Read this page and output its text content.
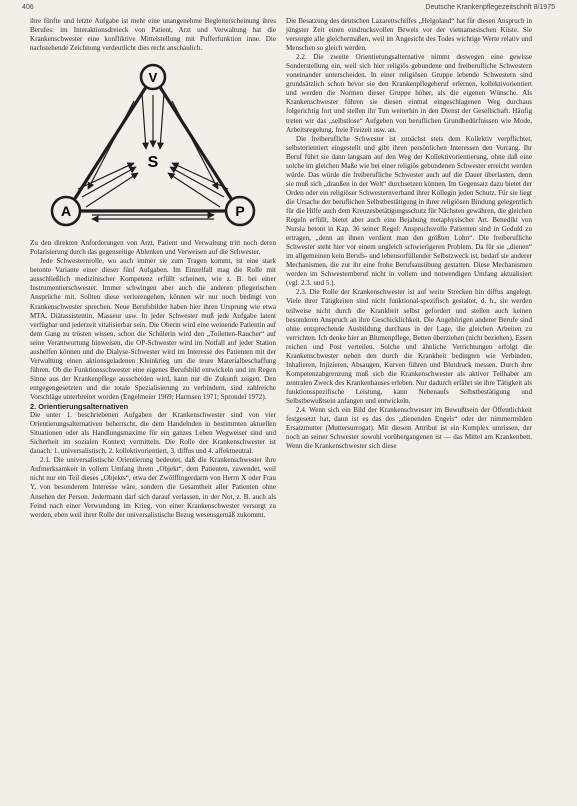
406	Deutsche Krankenpflegezeitschrift 8/1975

ihre fünfte und letzte Aufgabe ist mehr eine unangenehme Begleiterscheinung ihres Berufes: im Interaktionsdreieck von Patient, Arzt und Verwaltung hat die Krankenschwester eine konfliktive Mittelstellung mit Pufferfunktion inne. Die nachstehende Zeichnung verdeutlicht dies recht anschaulich.

V
A	P
S

Zu den direkten Anforderungen von Arzt, Patient und Verwaltung tritt noch deren Polarisierung durch das gegenseitige Ablenken und Verweisen auf die Schwester.

Jede Schwesternrolle, wo auch immer sie zum Tragen kommt, ist eine stark betonte Variante einer dieser fünf Aufgaben. Im Einzelfall mag die Rolle mit ausschließlich medizinischer Kompetenz erfüllt scheinen, wie z. B. bei einer Instrumentierschwester. Immer schwingen aber auch die anderen pflegerischen Ansprüche mit. Sollten diese verlorengehen, können wir nur noch bedingt von Krankenschwester sprechen. Neue Berufsbilder haben hier ihren Ursprung wie etwa MTA, Diätassistentin, Masseur usw. In jeder Schwester muß jede Aufgabe latent verfügbar und jederzeit vitalisierbar sein. Die Oberin wird eine weinende Patientin auf dem Gang zu trösten wissen, schon die Schülerin wird den „Toiletten-Raucher“ auf seine Verantwortung hinweisen, die OP-Schwester wird im Notfall auf jeder Station aushelfen können und die Dialyse-Schwester wird im Interesse des Patienten mit der Verwaltung einen aktionsgeladenen Kleinkrieg um die teure Materialbeschaffung führen. Ob die Funktionsschwester eine eigenes Berufsbild entwickeln und im Regen Sinne aus der Krankenpflege ausscheiden wird, kann nur die Zukunft zeigen. Den entgegengesetzten und die totale Spezialisierung zu verhindern, sind zahlreiche Vorschläge unterbreitet worden (Engelmeier 1969; Harmsen 1971; Sprondel 1972).

2. Orientierungsalternativen

Die unter 1. beschriebenen Aufgaben der Krankenschwester sind von vier Orientierungsalternativen beherrscht, die dem Handelnden in bestimmten aktuellen Situationen oder als Handlungsmaxime für ein ganzes Leben Wegweiser sind und Sicherheit im sozialen Kontext vermitteln. Die Rolle der Krankenschwester ist danach: 1. universalistisch, 2. kollektivorientiert, 3. diffus und 4. affektneutral.

2.1. Die universalistische Orientierung bedeutet, daß die Krankenschwester ihre Aufmerksamkeit in vollem Umfang ihrem „Objekt“, dem Patienten, zuwendet, weil nicht nur ein Teil dieses „Objekts“, etwa der Zwölffingerdarm von Herrn X oder Frau Y, von besonderem Interesse wäre, sondern die Gesamtheit aller Patienten ohne Ansehen der Person. Jedermann darf sich darauf verlassen, in der Not, z. B. auch als Feind nach einer Verwundung im Krieg, von einer Krankenschwester versorgt zu werden, eben weil ihrer Rolle der universalistische Bezug wesensgemäß zukommt.

Die Besatzung des deutschen Lazarettschiffes „Helgoland“ hat für diesen Anspruch in jüngster Zeit einen eindrucksvollen Beweis vor der vietnamesischen Küste. Sie versorgte alle gleichermaßen, weil im Angesicht des Todes wichtige Werte relativ und Menschen so gleich werden.

2.2. Die zweite Orientierungsalternative nimmt deswegen eine gewisse Sonderstellung ein, weil sich hier religiös gebundene und freiberufliche Schwestern voneinander unterscheiden. In einer religiösen Gruppe lebende Schwestern sind grundsätzlich schon bevor sie den Krankenpflegeberuf erlernen, kollektivorientiert und werden die Normen dieser Gruppe höher, als die eigenen Wünsche. Als Krankenschwester führen sie diesen einmal eingeschlagenen Weg durchaus folgerichtig fort und stellen ihr Tun weiterhin in den Dienst der Gesellschaft. Häufig treten wir das „selbstlose“ Aufgeben von beruflichen Grundbedürfnissen wie Mode, Arbeitsregelung, freie Freizeit usw. an.

Die freiberufliche Schwester ist zunächst stets dem Kollektiv verpflichtet, selbstorientiert eingestellt und gibt ihren persönlichen Interessen den Vorrang. Ihr Beruf führt sie dann langsam auf den Weg der Kollektivorientierung, ohne daß eine solche im gleichen Maße wie bei einer religiös gebundenen Schwester erreicht werden würde. Das würde die freiberufliche Schwester auch auf die Dauer überlasten, denn sie muß sich „draußen in der Welt“ durchsetzen können. Im Gegensatz dazu bietet der Orden oder ein religiöser Schwesternverband ihrer Kollegin jeden Schutz. Für sie liegt die Ursache der beruflichen Selbstbestätigung in ihrer religiösen Bindung gelegentlich für die Hilfe auch dem Kreuzesbetätigungsschutz für Nächsten gewähren, die gleichen Regeln erfüllt, bietet aber auch eine Bejahung metaphysischer Art. Benedikt von Nursia betont in Kap. 36 seiner Regel: Anspruchsvolle Patienten sind in Geduld zu ertragen, „denn an ihnen verdient man den größten Lohn“. Die freiberufliche Schwester steht hier vor einem ungleich schwierigeren Problem. Da für sie „dienen“ im allgemeinen kein Berufs- und lebensorfüllender Selbstzweck ist, bedarf sie anderer Mechanismen, die zur ihr eine frohe Berufsausübung gestatten. Diese Mechanismen werden im Schwesternberuf nicht in vollem und notwendigen Umfang aktualisiert (vgl. 2.3. und 5.).

2.3. Die Rolle der Krankenschwester ist auf weite Strecken hin diffus angelegt. Viele ihrer Tätigkeiten sind nicht funktional-spezifisch gestaltet, d. h., sie werden teilweise nicht durch die Krankheit selbst gefordert und stellen auch keinen besonderen Anspruch an ihre Geschicklichkeit. Die Angehörigen anderer Berufe sind ohne entsprechende Ausbildung durchaus in der Lage, die gleichen Arbeiten zu verrichten. Ich denke hier an Blumenpflege, Betten überziehen (nicht beziehen), Essen reichen und Post verteilen. Solche und ähnliche Verrichtungen erfolgt die Krankenschwester neben den durch die Krankheit bedingten wie Verbinden, Inhalieren, Injizieren, Absaugen, Kurven führen und Blutdruck messen. Durch ihre Kompetenzabgrenzung muß sich die Krankenschwester als aktiver Teilhaber am zentralen Zweck des Krankenhauses erleben. Nur dadurch erfährt sie ihre Tätigkeit als funktionsspezifische Leistung, kann Nebenaufs Selbstbestätigung und Selbstbewußtsein anfangen und entwickeln.

2.4. Wenn sich ein Bild der Krankenschwester im Bewußtsein der Öffentlichkeit festgesetzt hat, dann ist es das des „dienenden Engels“ oder der nimmermüden Ersatzmutter (Muttersurrogat). Mit diesem Attribut ist ein Komplex umrissen, der noch an seiner Schwester sowohl vorübergangenen ist — das Mittel am Krankenbett. Wenn die Krankenschwester sich diese
